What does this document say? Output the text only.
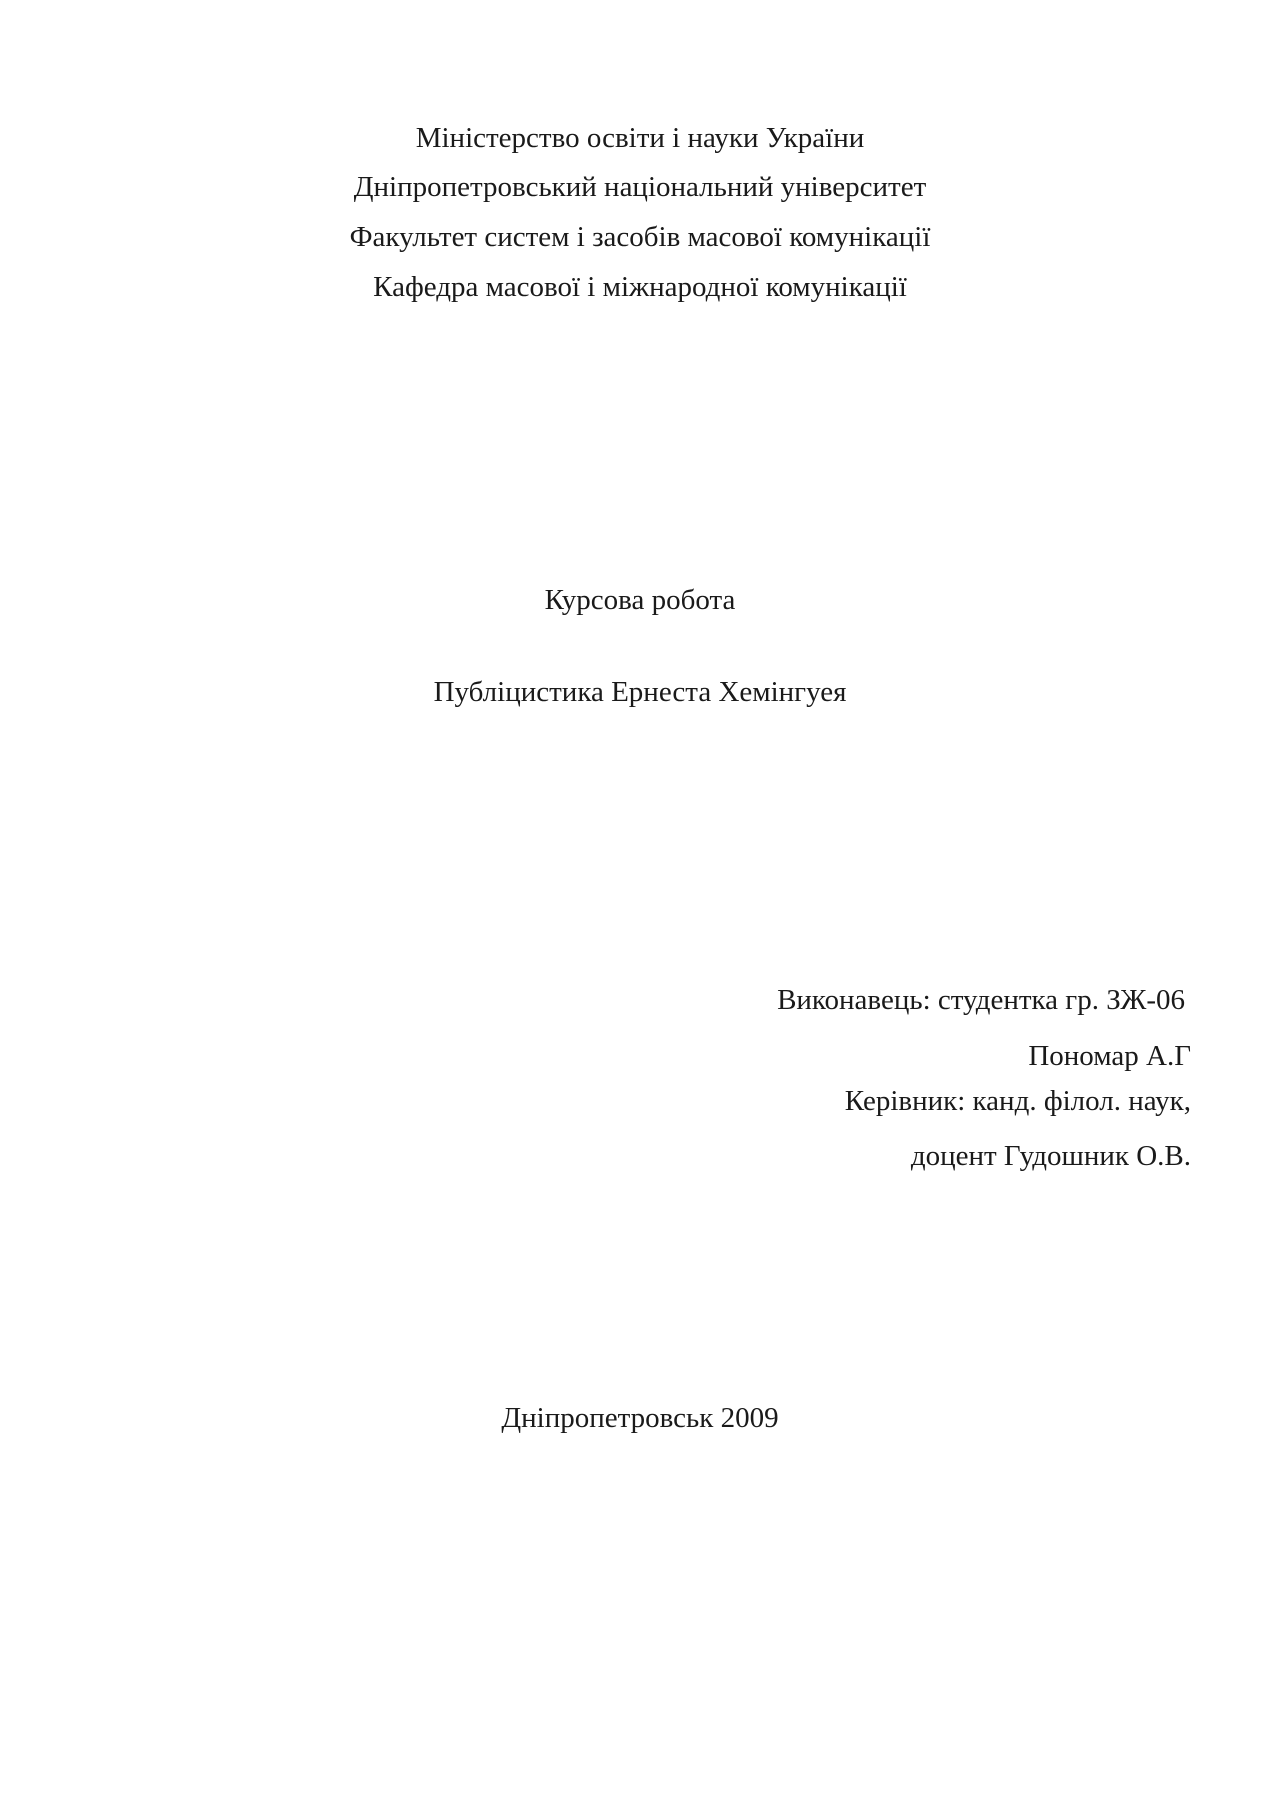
Міністерство освіти і науки України

Дніпропетровський національний університет

Факультет систем і засобів масової комунікації

Кафедра масової і міжнародної комунікації

Курсова робота

Публіцистика Ернеста Хемінгуея

Виконавець: студентка гр. ЗЖ-06

Пономар А.Г

Керівник: канд. філол. наук,

доцент Гудошник О.В.

Дніпропетровськ 2009
